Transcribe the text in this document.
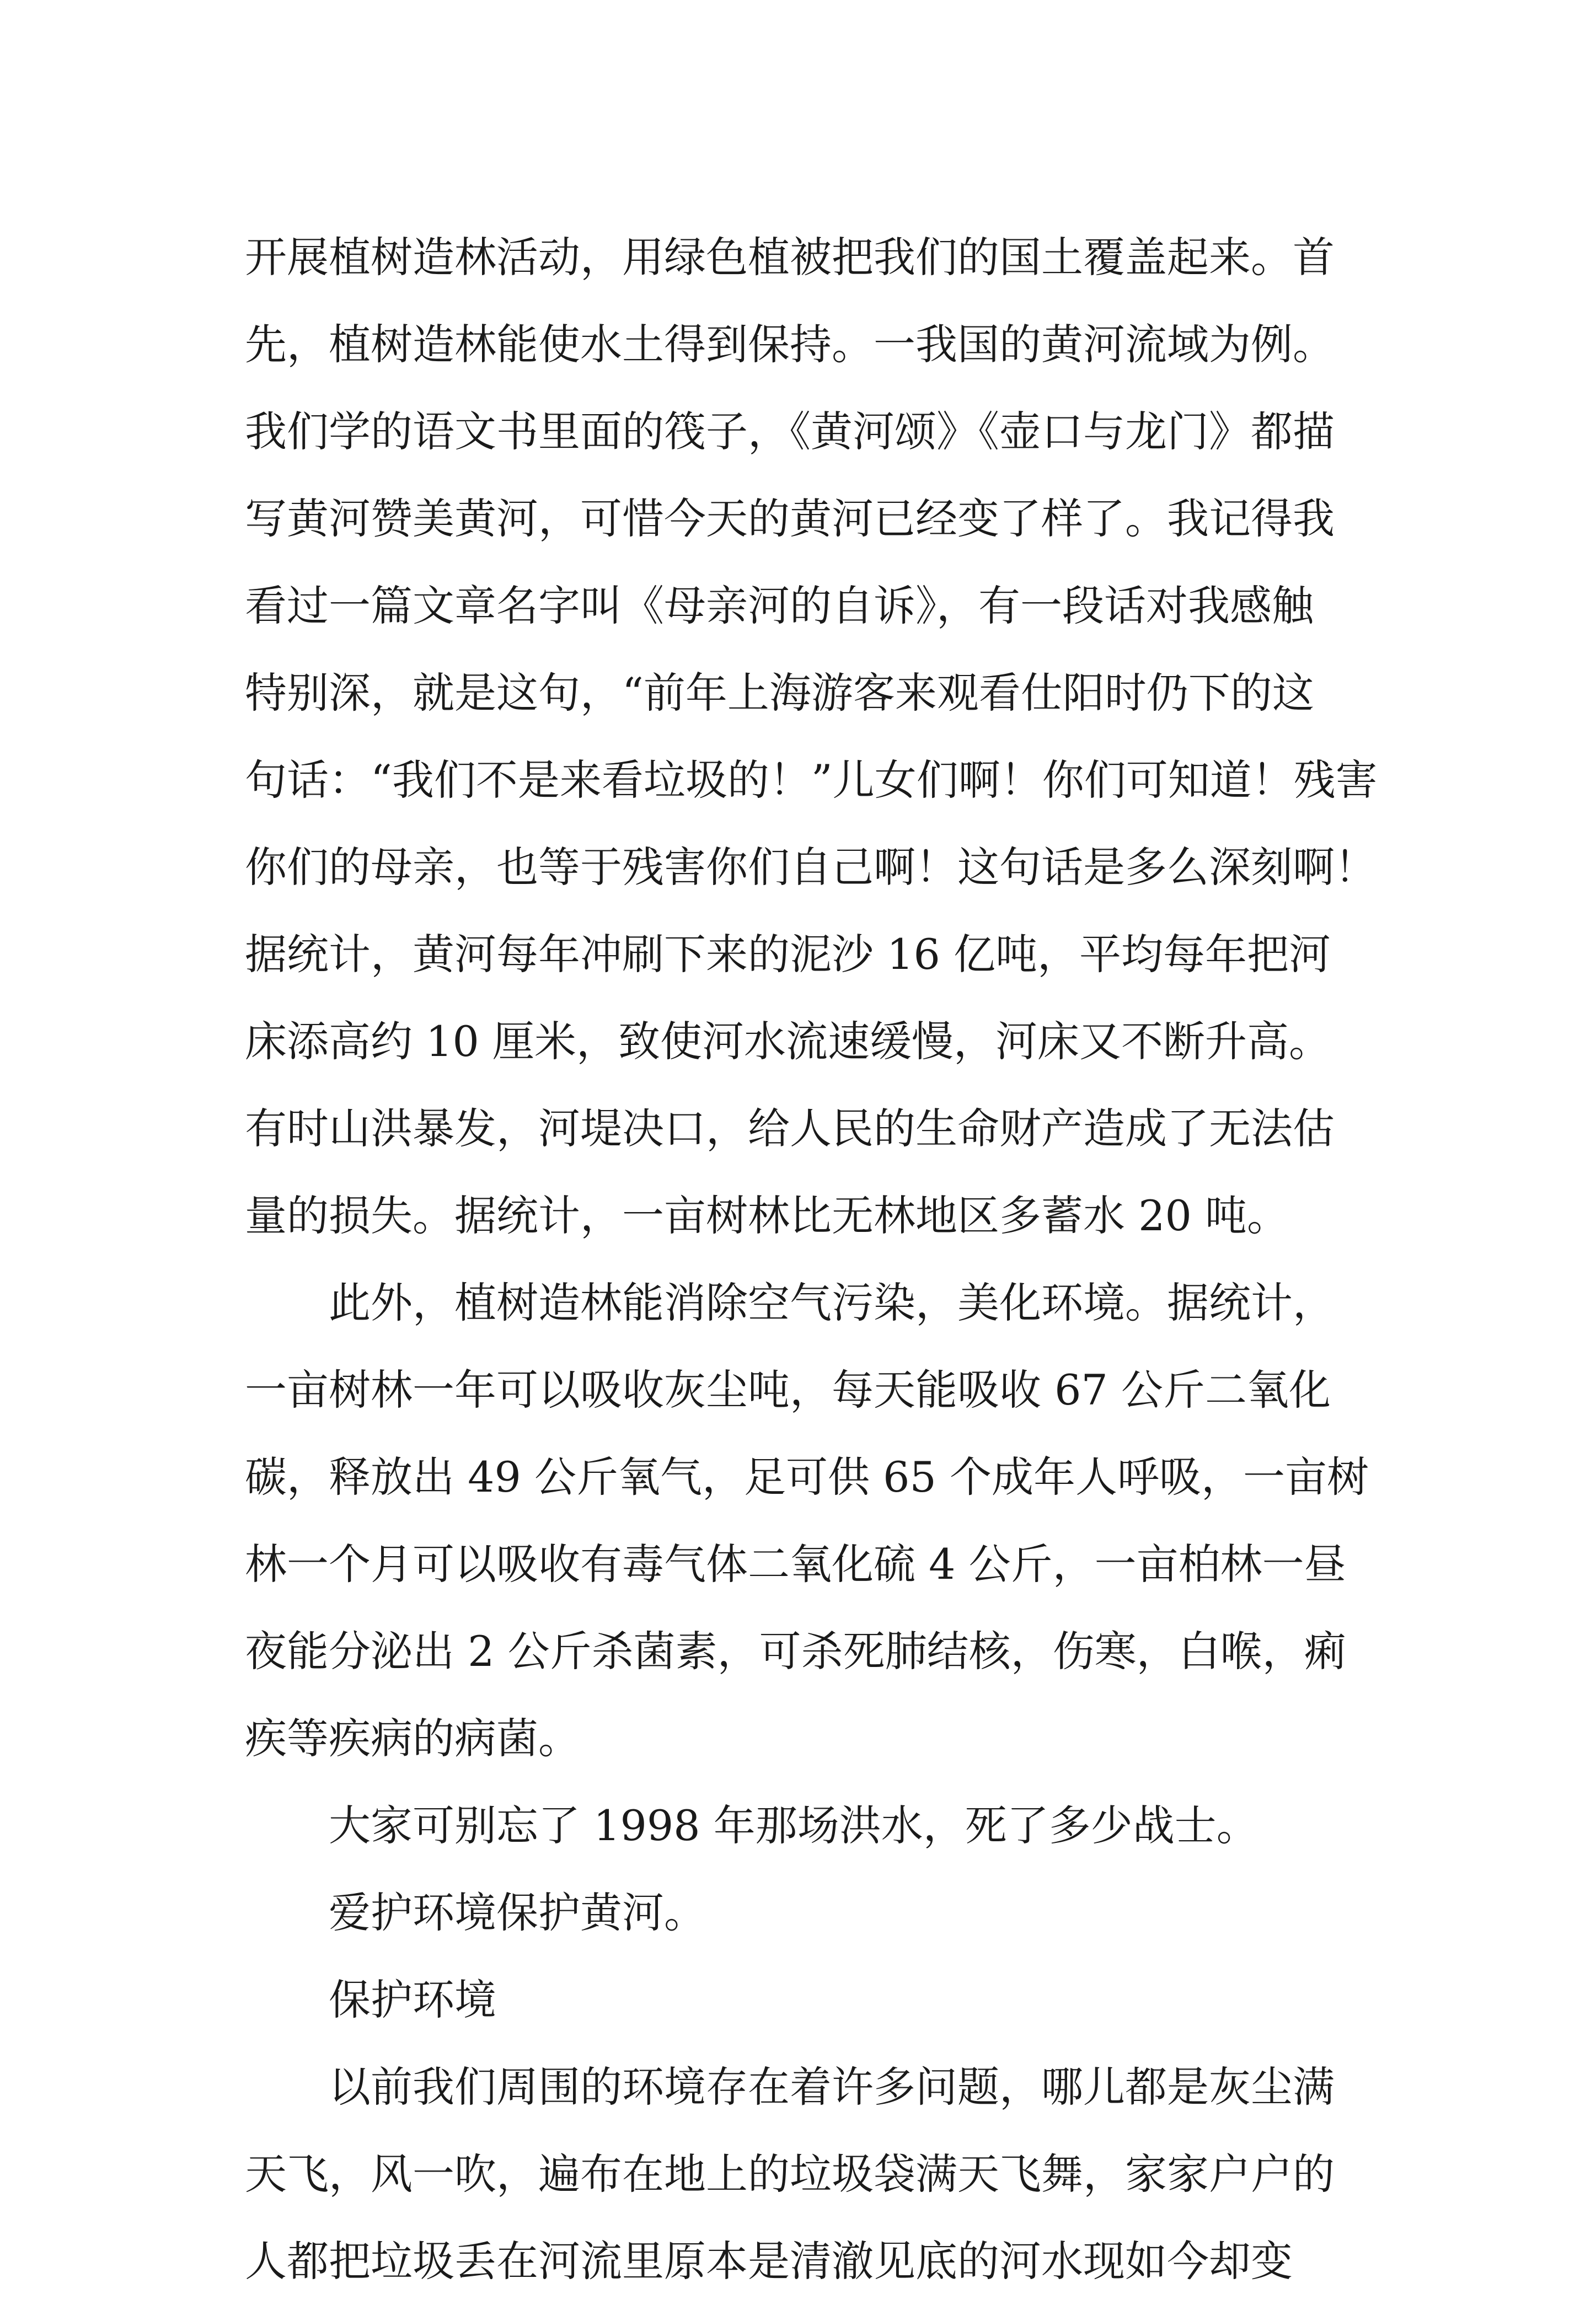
开展植树造林活动，用绿色植被把我们的国土覆盖起来。首
先，植树造林能使水土得到保持。一我国的黄河流域为例。
我们学的语文书里面的筏子，《黄河颂》《壶口与龙门》都描
写黄河赞美黄河，可惜今天的黄河已经变了样了。我记得我
看过一篇文章名字叫《母亲河的自诉》，有一段话对我感触
特别深，就是这句，“前年上海游客来观看仕阳时仍下的这
句话：“我们不是来看垃圾的！”儿女们啊！你们可知道！残害
你们的母亲，也等于残害你们自己啊！这句话是多么深刻啊！
据统计，黄河每年冲刷下来的泥沙 16 亿吨，平均每年把河
床添高约 10 厘米，致使河水流速缓慢，河床又不断升高。
有时山洪暴发，河堤决口，给人民的生命财产造成了无法估
量的损失。据统计，一亩树林比无林地区多蓄水 20 吨。
此外，植树造林能消除空气污染，美化环境。据统计，
一亩树林一年可以吸收灰尘吨，每天能吸收 67 公斤二氧化
碳，释放出 49 公斤氧气，足可供 65 个成年人呼吸，一亩树
林一个月可以吸收有毒气体二氧化硫 4 公斤，一亩柏林一昼
夜能分泌出 2 公斤杀菌素，可杀死肺结核，伤寒，白喉，痢
疾等疾病的病菌。
大家可别忘了 1998 年那场洪水，死了多少战士。
爱护环境保护黄河。
保护环境
以前我们周围的环境存在着许多问题，哪儿都是灰尘满
天飞，风一吹，遍布在地上的垃圾袋满天飞舞，家家户户的
人都把垃圾丢在河流里原本是清澈见底的河水现如今却变
